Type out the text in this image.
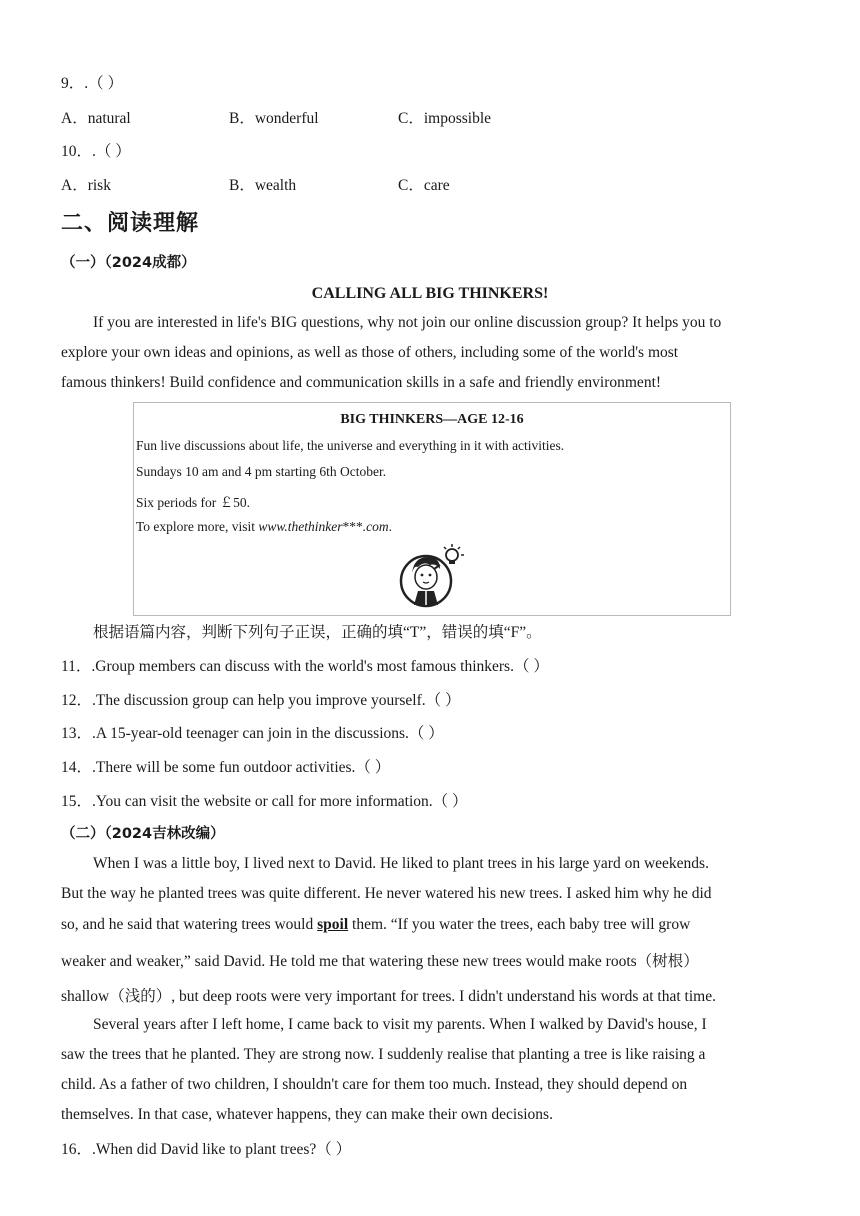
9．.（ ）
A．natural	B．wonderful	C．impossible
10．.（ ）
A．risk	B．wealth	C．care
二、阅读理解
（一）（2024成都）
CALLING ALL BIG THINKERS!
If you are interested in life's BIG questions, why not join our online discussion group? It helps you to
explore your own ideas and opinions, as well as those of others, including some of the world's most
famous thinkers! Build confidence and communication skills in a safe and friendly environment!
BIG THINKERS—AGE 12-16
Fun live discussions about life, the universe and everything in it with activities.
Sundays 10 am and 4 pm starting 6th October.
Six periods for ￡50.
To explore more, visit www.thethinker***.com.
根据语篇内容，判断下列句子正误，正确的填“T”，错误的填“F”。
11．.Group members can discuss with the world's most famous thinkers.（ ）
12．.The discussion group can help you improve yourself.（ ）
13．.A 15-year-old teenager can join in the discussions.（ ）
14．.There will be some fun outdoor activities.（ ）
15．.You can visit the website or call for more information.（ ）
（二）（2024吉林改编）
When I was a little boy, I lived next to David. He liked to plant trees in his large yard on weekends.
But the way he planted trees was quite different. He never watered his new trees. I asked him why he did
so, and he said that watering trees would spoil them. “If you water the trees, each baby tree will grow
weaker and weaker,” said David. He told me that watering these new trees would make roots（树根）
shallow（浅的）, but deep roots were very important for trees. I didn't understand his words at that time.
Several years after I left home, I came back to visit my parents. When I walked by David's house, I
saw the trees that he planted. They are strong now. I suddenly realise that planting a tree is like raising a
child. As a father of two children, I shouldn't care for them too much. Instead, they should depend on
themselves. In that case, whatever happens, they can make their own decisions.
16．.When did David like to plant trees?（ ）
